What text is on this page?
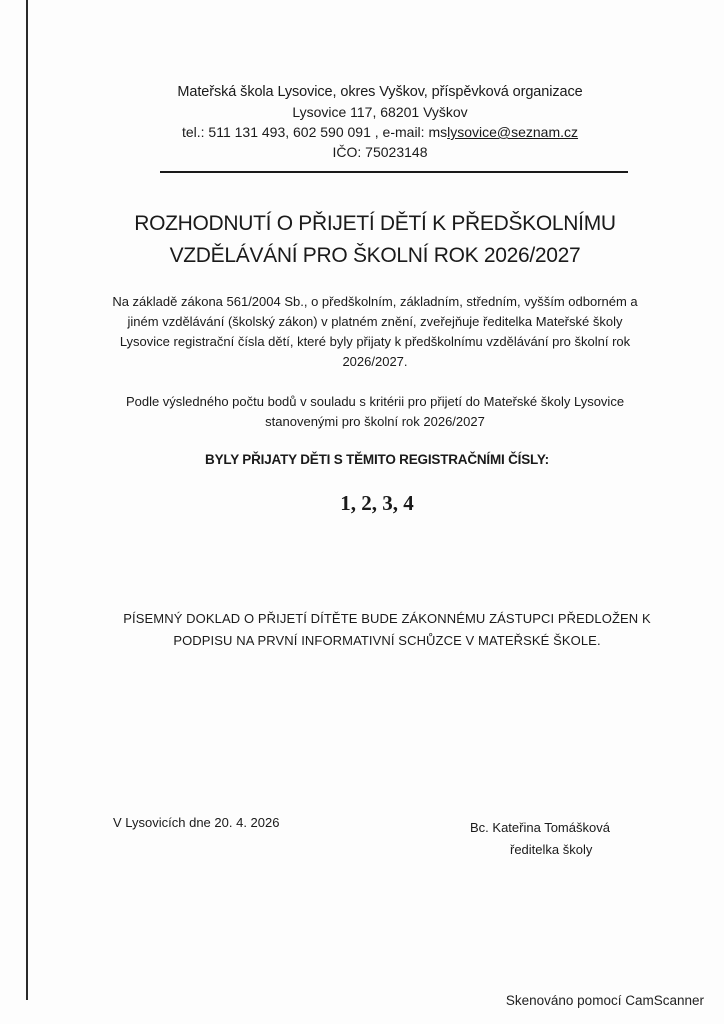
Mateřská škola Lysovice, okres Vyškov, příspěvková organizace
Lysovice 117, 68201 Vyškov
tel.: 511 131 493, 602 590 091 , e-mail: mslysovice@seznam.cz
IČO: 75023148
ROZHODNUTÍ O PŘIJETÍ DĚTÍ K PŘEDŠKOLNÍMU
VZDĚLÁVÁNÍ PRO ŠKOLNÍ ROK 2026/2027

Na základě zákona 561/2004 Sb., o předškolním, základním, středním, vyšším odborném a jiném vzdělávání (školský zákon) v platném znění, zveřejňuje ředitelka Mateřské školy Lysovice registrační čísla dětí, které byly přijaty k předškolnímu vzdělávání pro školní rok 2026/2027.

Podle výsledného počtu bodů v souladu s kritérii pro přijetí do Mateřské školy Lysovice stanovenými pro školní rok 2026/2027

BYLY PŘIJATY DĚTI S TĚMITO REGISTRAČNÍMI ČÍSLY:
1, 2, 3, 4
PÍSEMNÝ DOKLAD O PŘIJETÍ DÍTĚTE BUDE ZÁKONNÉMU ZÁSTUPCI PŘEDLOŽEN K
PODPISU NA PRVNÍ INFORMATIVNÍ SCHŮZCE V MATEŘSKÉ ŠKOLE.
V Lysovicích dne 20. 4. 2026	Bc. Kateřina Tomášková
ředitelka školy
Skenováno pomocí CamScanner
